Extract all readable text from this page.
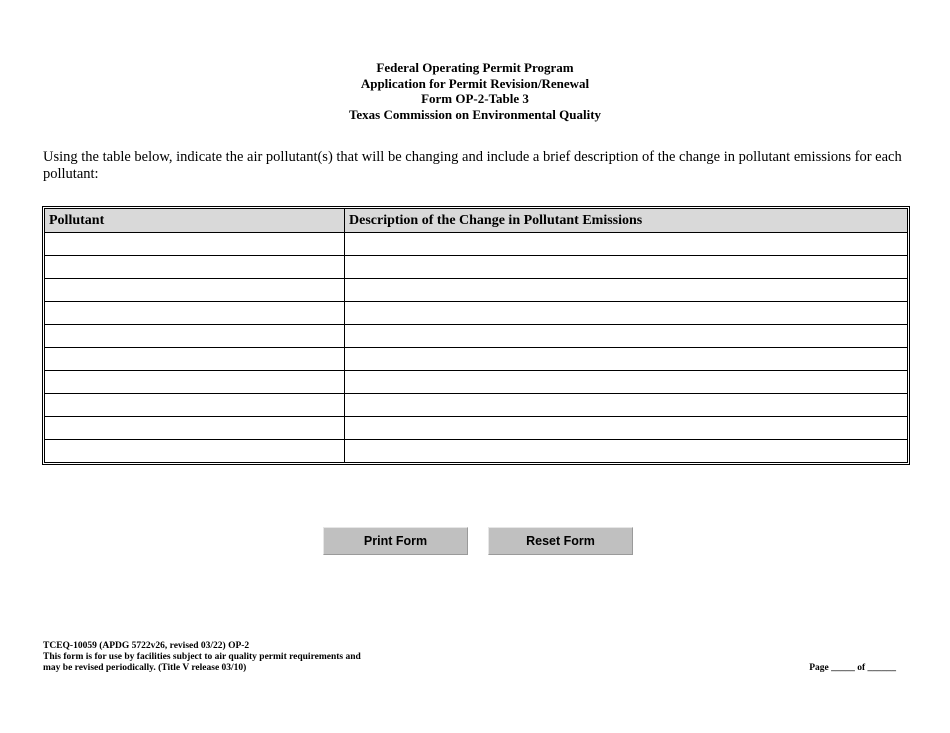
Federal Operating Permit Program
Application for Permit Revision/Renewal
Form OP-2-Table 3
Texas Commission on Environmental Quality
Using the table below, indicate the air pollutant(s) that will be changing and include a brief description of the change in pollutant emissions for each pollutant:
Pollutant	Description of the Change in Pollutant Emissions

Print Form	Reset Form
TCEQ-10059 (APDG 5722v26, revised 03/22) OP-2
This form is for use by facilities subject to air quality permit requirements and
may be revised periodically. (Title V release 03/10)	Page _____ of ______
